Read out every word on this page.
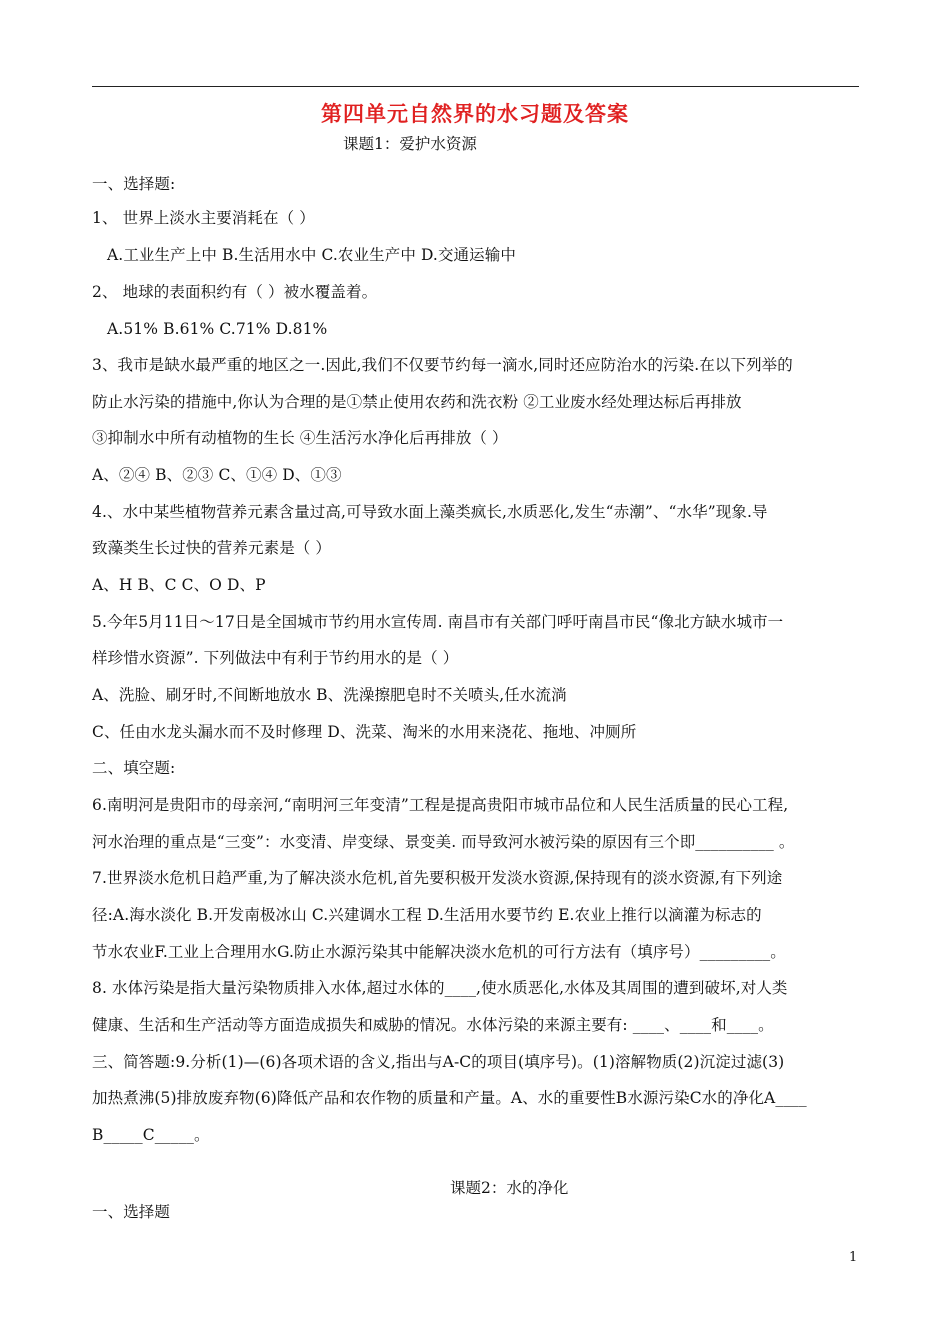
第四单元自然界的水习题及答案
课题1：爱护水资源
一、选择题:
1、 世界上淡水主要消耗在（ ）
A.工业生产上中 B.生活用水中 C.农业生产中 D.交通运输中
2、 地球的表面积约有（ ）被水覆盖着。
A.51% B.61% C.71% D.81%
3、我市是缺水最严重的地区之一.因此,我们不仅要节约每一滴水,同时还应防治水的污染.在以下列举的
防止水污染的措施中,你认为合理的是①禁止使用农药和洗衣粉 ②工业废水经处理达标后再排放
③抑制水中所有动植物的生长 ④生活污水净化后再排放（ ）
A、②④ B、②③ C、①④ D、①③
4.、水中某些植物营养元素含量过高,可导致水面上藻类疯长,水质恶化,发生“赤潮”、“水华”现象.导
致藻类生长过快的营养元素是（ ）
A、H B、C C、O D、P
5.今年5月11日～17日是全国城市节约用水宣传周. 南昌市有关部门呼吁南昌市民“像北方缺水城市一
样珍惜水资源”. 下列做法中有利于节约用水的是（ ）
A、洗脸、刷牙时,不间断地放水 B、洗澡擦肥皂时不关喷头,任水流淌
C、任由水龙头漏水而不及时修理 D、洗菜、淘米的水用来浇花、拖地、冲厕所
二、填空题:
6.南明河是贵阳市的母亲河,“南明河三年变清”工程是提高贵阳市城市品位和人民生活质量的民心工程,
河水治理的重点是“三变”：水变清、岸变绿、景变美. 而导致河水被污染的原因有三个即__________ 。
7.世界淡水危机日趋严重,为了解决淡水危机,首先要积极开发淡水资源,保持现有的淡水资源,有下列途
径:A.海水淡化 B.开发南极冰山 C.兴建调水工程 D.生活用水要节约 E.农业上推行以滴灌为标志的
节水农业F.工业上合理用水G.防止水源污染其中能解决淡水危机的可行方法有（填序号）_________。
8. 水体污染是指大量污染物质排入水体,超过水体的____,使水质恶化,水体及其周围的遭到破坏,对人类
健康、生活和生产活动等方面造成损失和威胁的情况。水体污染的来源主要有: ____、____和____。
三、简答题:9.分析(1)—(6)各项术语的含义,指出与A-C的项目(填序号)。(1)溶解物质(2)沉淀过滤(3)
加热煮沸(5)排放废弃物(6)降低产品和农作物的质量和产量。A、水的重要性B水源污染C水的净化A____
B_____C_____。
课题2：水的净化
一、选择题
1
